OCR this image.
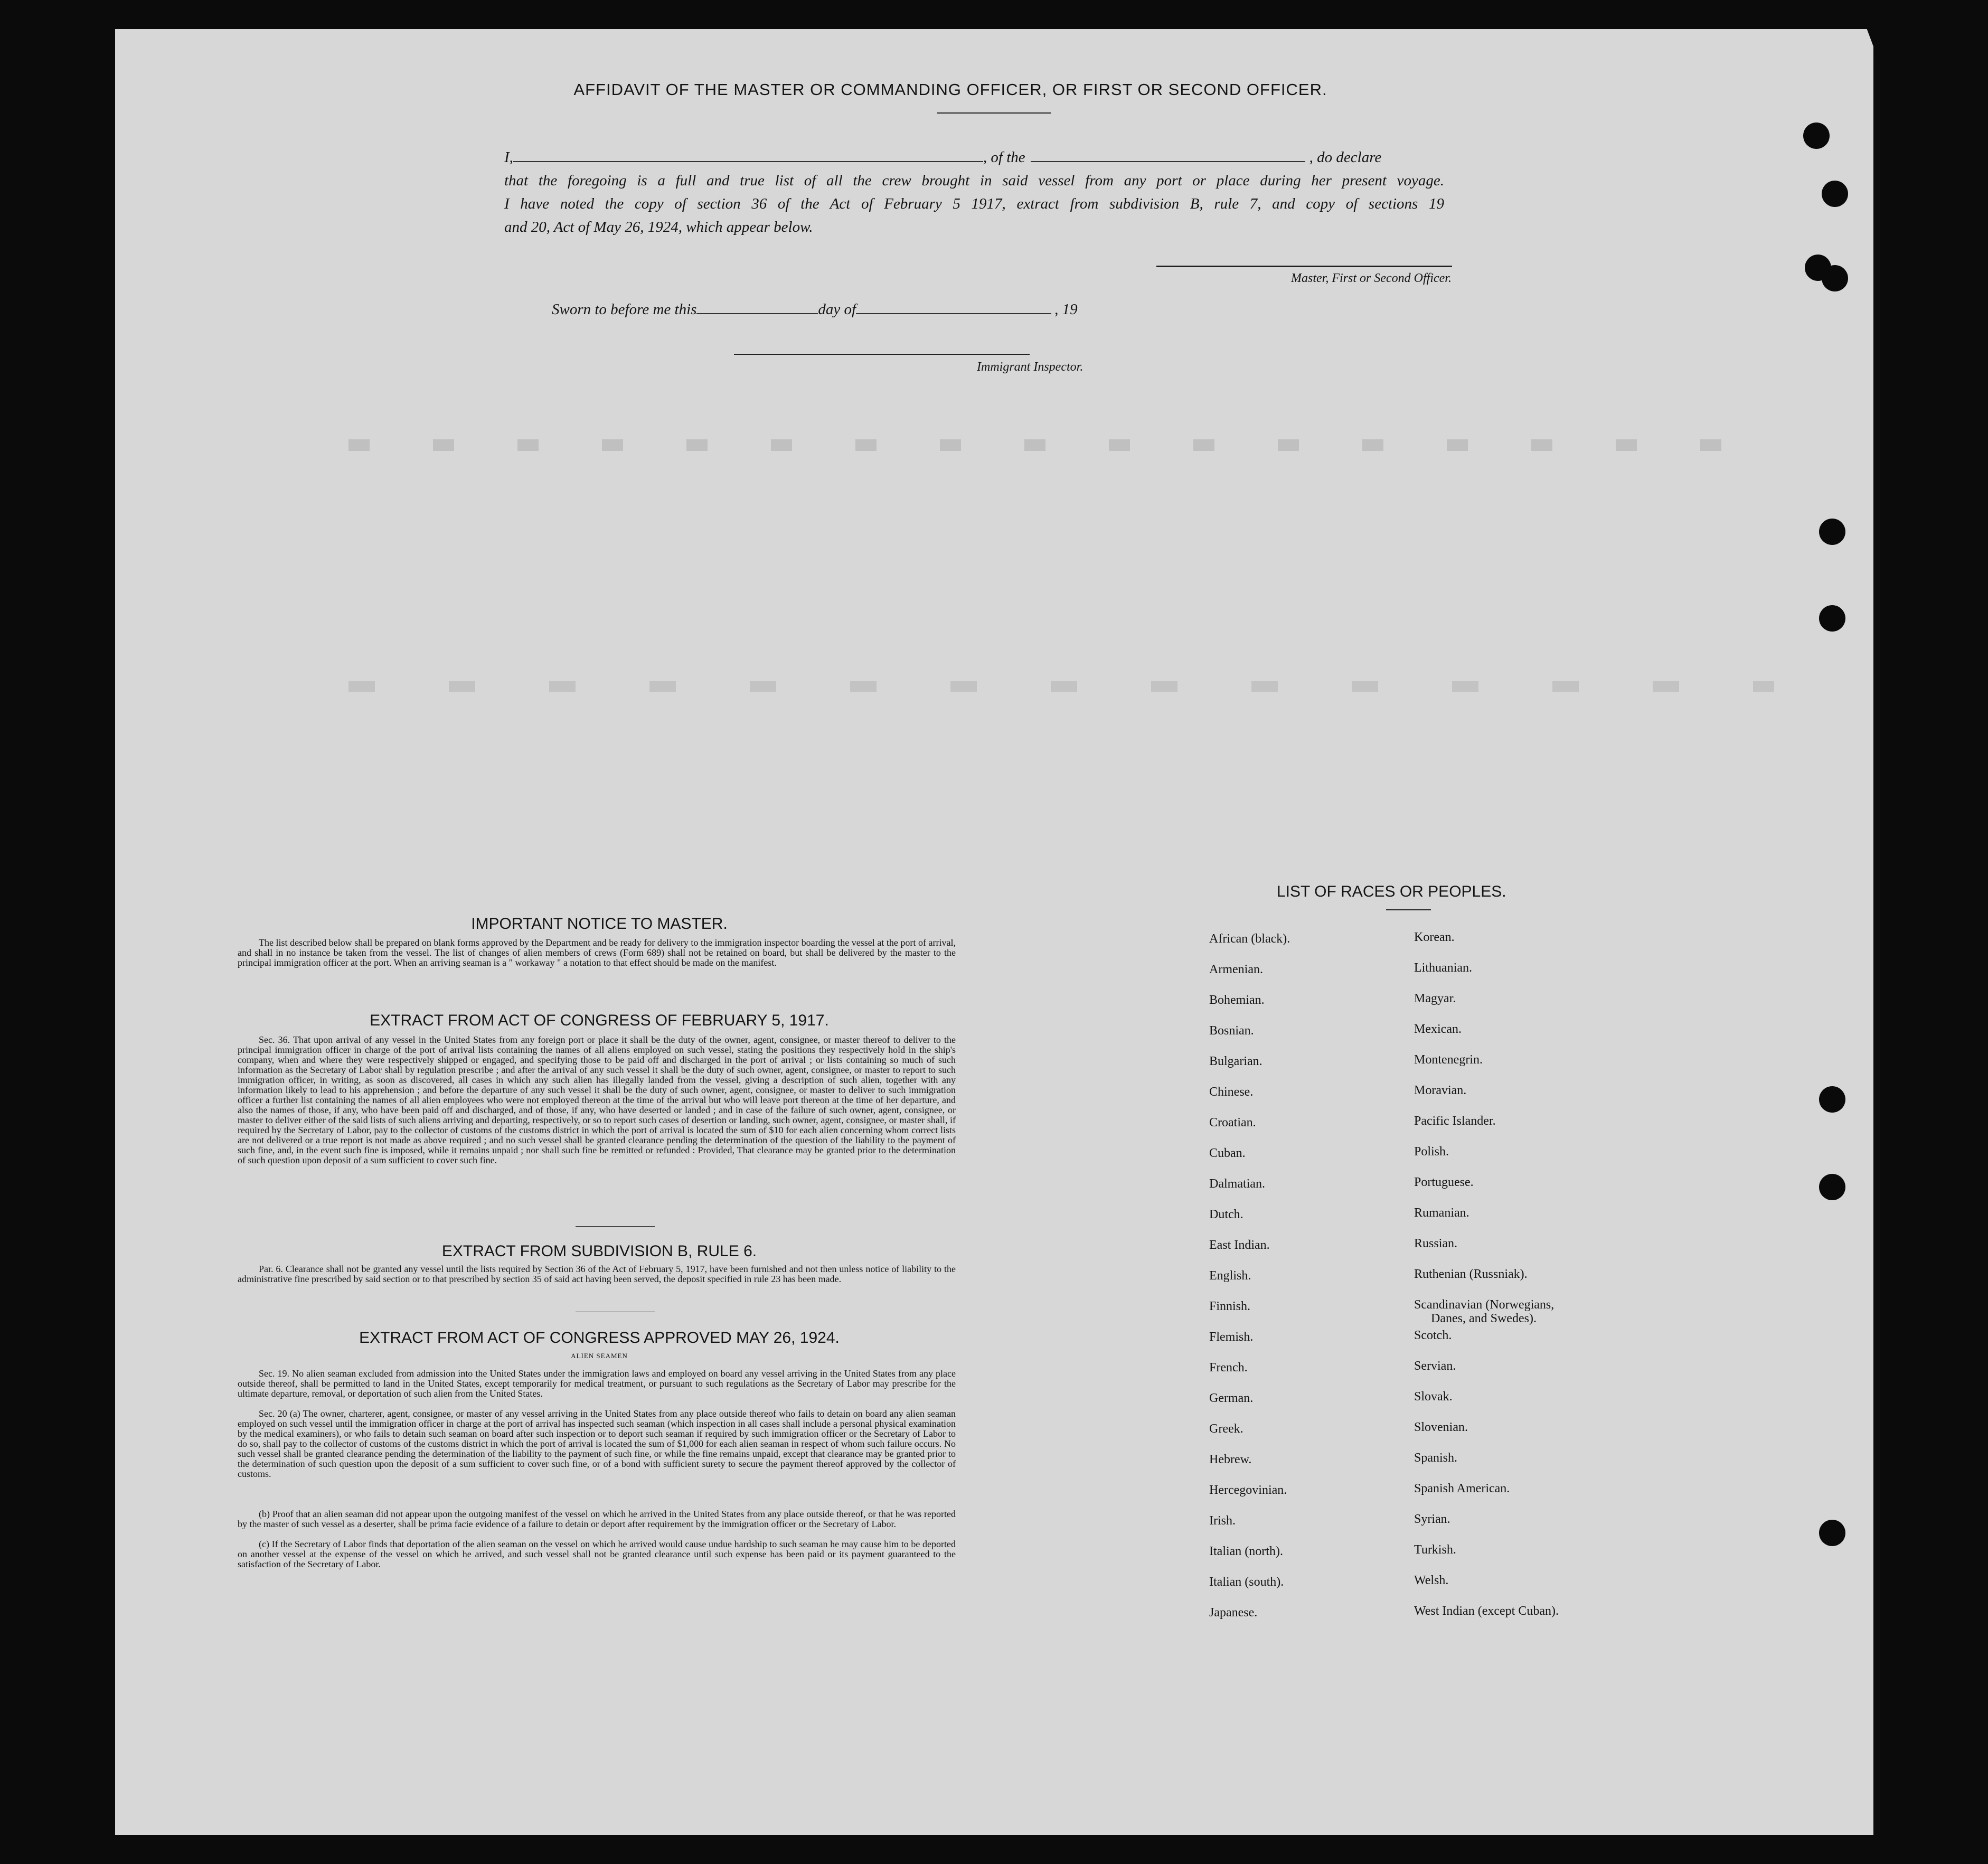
AFFIDAVIT OF THE MASTER OR COMMANDING OFFICER, OR FIRST OR SECOND OFFICER.
I,	, of the	, do declare
that the foregoing is a full and true list of all the crew brought in said vessel from any port or place during her present voyage.
I have noted the copy of section 36 of the Act of February 5 1917, extract from subdivision B, rule 7, and copy of sections 19
and 20, Act of May 26, 1924, which appear below.
Master, First or Second Officer.
Sworn to before me this	day of	, 19
Immigrant Inspector.
IMPORTANT NOTICE TO MASTER.
The list described below shall be prepared on blank forms approved by the Department and be ready for delivery to the immigration inspector boarding the vessel at the port of arrival, and shall in no instance be taken from the vessel. The list of changes of alien members of crews (Form 689) shall not be retained on board, but shall be delivered by the master to the principal immigration officer at the port. When an arriving seaman is a " workaway " a notation to that effect should be made on the manifest.
EXTRACT FROM ACT OF CONGRESS OF FEBRUARY 5, 1917.
Sec. 36. That upon arrival of any vessel in the United States from any foreign port or place it shall be the duty of the owner, agent, consignee, or master thereof to deliver to the principal immigration officer in charge of the port of arrival lists containing the names of all aliens employed on such vessel, stating the positions they respectively hold in the ship's company, when and where they were respectively shipped or engaged, and specifying those to be paid off and discharged in the port of arrival ; or lists containing so much of such information as the Secretary of Labor shall by regulation prescribe ; and after the arrival of any such vessel it shall be the duty of such owner, agent, consignee, or master to report to such immigration officer, in writing, as soon as discovered, all cases in which any such alien has illegally landed from the vessel, giving a description of such alien, together with any information likely to lead to his apprehension ; and before the departure of any such vessel it shall be the duty of such owner, agent, consignee, or master to deliver to such immigration officer a further list containing the names of all alien employees who were not employed thereon at the time of the arrival but who will leave port thereon at the time of her departure, and also the names of those, if any, who have been paid off and discharged, and of those, if any, who have deserted or landed ; and in case of the failure of such owner, agent, consignee, or master to deliver either of the said lists of such aliens arriving and departing, respectively, or so to report such cases of desertion or landing, such owner, agent, consignee, or master shall, if required by the Secretary of Labor, pay to the collector of customs of the customs district in which the port of arrival is located the sum of $10 for each alien concerning whom correct lists are not delivered or a true report is not made as above required ; and no such vessel shall be granted clearance pending the determination of the question of the liability to the payment of such fine, and, in the event such fine is imposed, while it remains unpaid ; nor shall such fine be remitted or refunded : Provided, That clearance may be granted prior to the determination of such question upon deposit of a sum sufficient to cover such fine.
EXTRACT FROM SUBDIVISION B, RULE 6.
Par. 6. Clearance shall not be granted any vessel until the lists required by Section 36 of the Act of February 5, 1917, have been furnished and not then unless notice of liability to the administrative fine prescribed by said section or to that prescribed by section 35 of said act having been served, the deposit specified in rule 23 has been made.
EXTRACT FROM ACT OF CONGRESS APPROVED MAY 26, 1924.
ALIEN SEAMEN
Sec. 19. No alien seaman excluded from admission into the United States under the immigration laws and employed on board any vessel arriving in the United States from any place outside thereof, shall be permitted to land in the United States, except temporarily for medical treatment, or pursuant to such regulations as the Secretary of Labor may prescribe for the ultimate departure, removal, or deportation of such alien from the United States.
Sec. 20 (a) The owner, charterer, agent, consignee, or master of any vessel arriving in the United States from any place outside thereof who fails to detain on board any alien seaman employed on such vessel until the immigration officer in charge at the port of arrival has inspected such seaman (which inspection in all cases shall include a personal physical examination by the medical examiners), or who fails to detain such seaman on board after such inspection or to deport such seaman if required by such immigration officer or the Secretary of Labor to do so, shall pay to the collector of customs of the customs district in which the port of arrival is located the sum of $1,000 for each alien seaman in respect of whom such failure occurs. No such vessel shall be granted clearance pending the determination of the liability to the payment of such fine, or while the fine remains unpaid, except that clearance may be granted prior to the determination of such question upon the deposit of a sum sufficient to cover such fine, or of a bond with sufficient surety to secure the payment thereof approved by the collector of customs.
(b) Proof that an alien seaman did not appear upon the outgoing manifest of the vessel on which he arrived in the United States from any place outside thereof, or that he was reported by the master of such vessel as a deserter, shall be prima facie evidence of a failure to detain or deport after requirement by the immigration officer or the Secretary of Labor.
(c) If the Secretary of Labor finds that deportation of the alien seaman on the vessel on which he arrived would cause undue hardship to such seaman he may cause him to be deported on another vessel at the expense of the vessel on which he arrived, and such vessel shall not be granted clearance until such expense has been paid or its payment guaranteed to the satisfaction of the Secretary of Labor.
LIST OF RACES OR PEOPLES.
African (black).
Armenian.
Bohemian.
Bosnian.
Bulgarian.
Chinese.
Croatian.
Cuban.
Dalmatian.
Dutch.
East Indian.
English.
Finnish.
Flemish.
French.
German.
Greek.
Hebrew.
Hercegovinian.
Irish.
Italian (north).
Italian (south).
Japanese.
Korean.
Lithuanian.
Magyar.
Mexican.
Montenegrin.
Moravian.
Pacific Islander.
Polish.
Portuguese.
Rumanian.
Russian.
Ruthenian (Russniak).
Scandinavian (Norwegians,
Danes, and Swedes).
Scotch.
Servian.
Slovak.
Slovenian.
Spanish.
Spanish American.
Syrian.
Turkish.
Welsh.
West Indian (except Cuban).
